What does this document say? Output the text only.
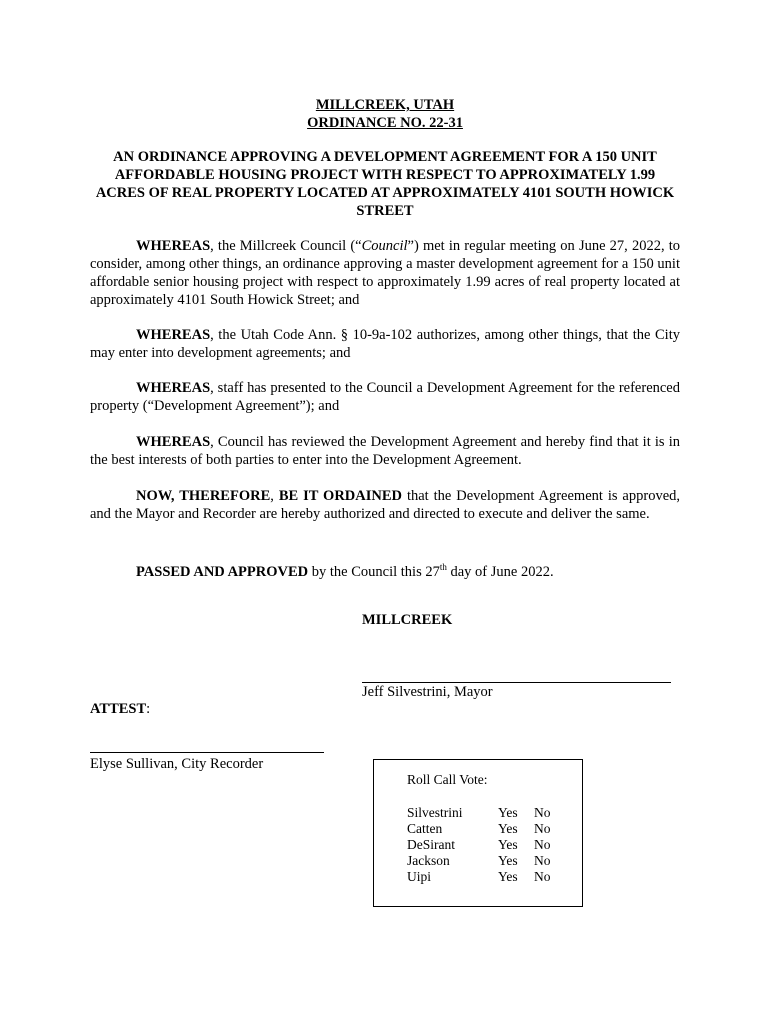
MILLCREEK, UTAH
ORDINANCE NO. 22-31
AN ORDINANCE APPROVING A DEVELOPMENT AGREEMENT FOR A 150 UNIT AFFORDABLE HOUSING PROJECT WITH RESPECT TO APPROXIMATELY 1.99 ACRES OF REAL PROPERTY LOCATED AT APPROXIMATELY 4101 SOUTH HOWICK STREET
WHEREAS, the Millcreek Council (“Council”) met in regular meeting on June 27, 2022, to consider, among other things, an ordinance approving a master development agreement for a 150 unit affordable senior housing project with respect to approximately 1.99 acres of real property located at approximately 4101 South Howick Street; and
WHEREAS, the Utah Code Ann. § 10-9a-102 authorizes, among other things, that the City may enter into development agreements; and
WHEREAS, staff has presented to the Council a Development Agreement for the referenced property (“Development Agreement”); and
WHEREAS, Council has reviewed the Development Agreement and hereby find that it is in the best interests of both parties to enter into the Development Agreement.
NOW, THEREFORE, BE IT ORDAINED that the Development Agreement is approved, and the Mayor and Recorder are hereby authorized and directed to execute and deliver the same.
PASSED AND APPROVED by the Council this 27th day of June 2022.
MILLCREEK
Jeff Silvestrini, Mayor
ATTEST:
Elyse Sullivan, City Recorder
Roll Call Vote:
Silvestrini	Yes No
Catten	Yes No
DeSirant	Yes No
Jackson	Yes No
Uipi	Yes No
